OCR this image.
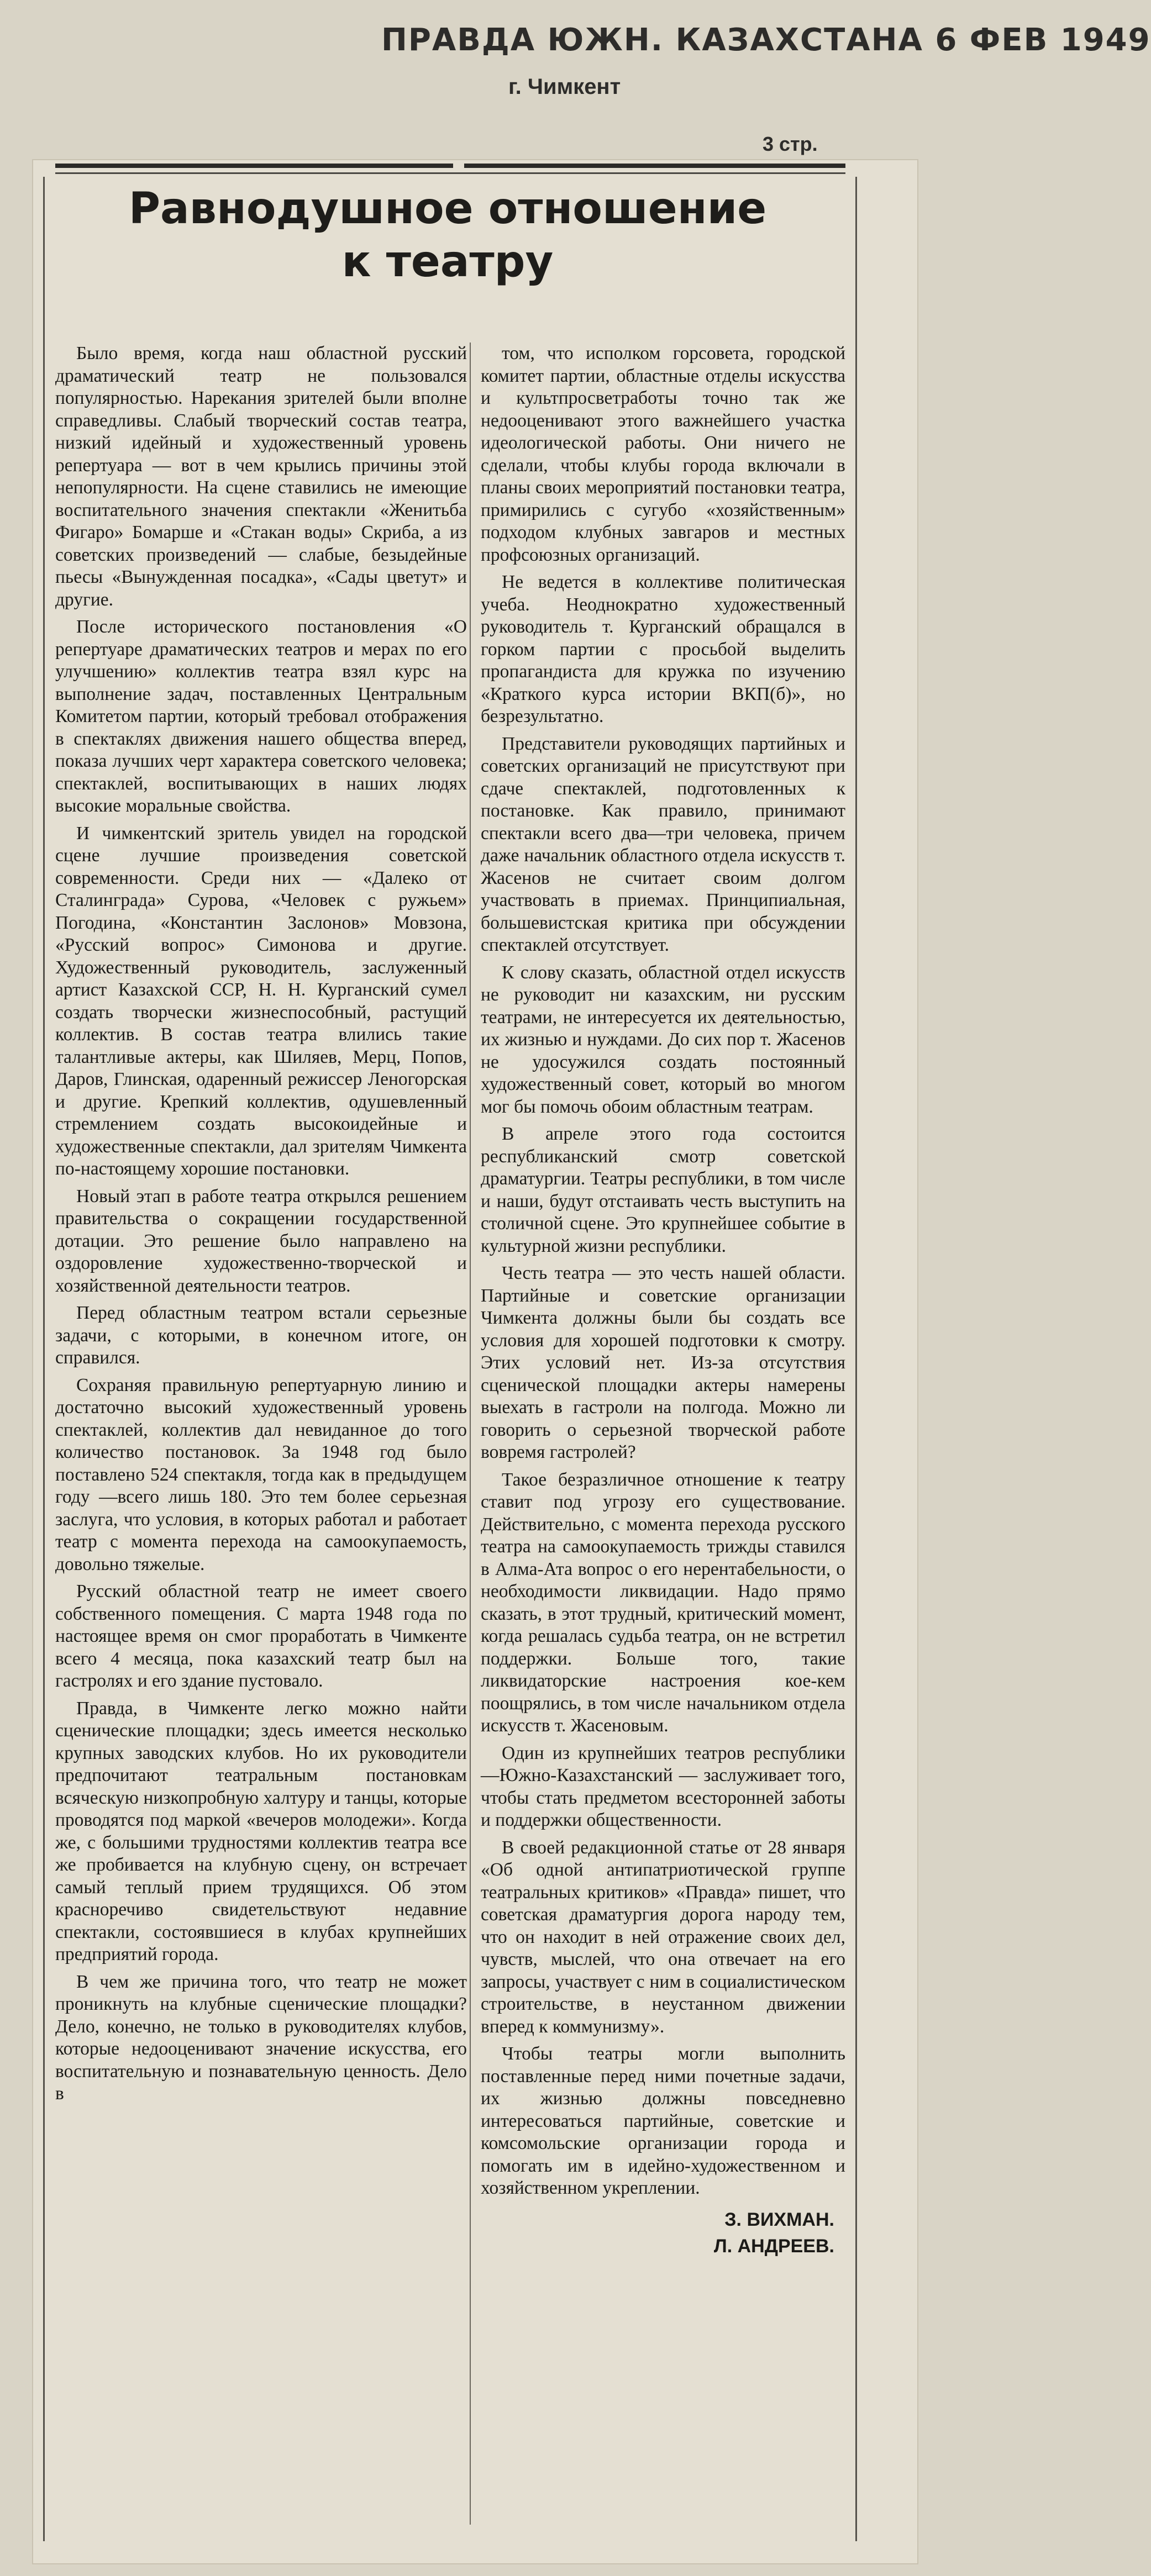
ПРАВДА ЮЖН. КАЗАХСТАНА 6 ФЕВ 1949
г. Чимкент
3 стр.
Равнодушное отношение
к театру

Было время, когда наш областной русский драматический театр не пользовался популярностью. Нарекания зрителей были вполне справедливы. Слабый творческий состав театра, низкий идейный и художественный уровень репертуара — вот в чем крылись причины этой непопулярности. На сцене ставились не имеющие воспитательного значения спектакли «Женитьба Фигаро» Бомарше и «Стакан воды» Скриба, а из советских произведений — слабые, безыдейные пьесы «Вынужденная посадка», «Сады цветут» и другие.

После исторического постановления «О репертуаре драматических театров и мерах по его улучшению» коллектив театра взял курс на выполнение задач, поставленных Центральным Комитетом партии, который требовал отображения в спектаклях движения нашего общества вперед, показа лучших черт характера советского человека; спектаклей, воспитывающих в наших людях высокие моральные свойства.

И чимкентский зритель увидел на городской сцене лучшие произведения советской современности. Среди них — «Далеко от Сталинграда» Сурова, «Человек с ружьем» Погодина, «Константин Заслонов» Мовзона, «Русский вопрос» Симонова и другие. Художественный руководитель, заслуженный артист Казахской ССР, Н. Н. Курганский сумел создать творчески жизнеспособный, растущий коллектив. В состав театра влились такие талантливые актеры, как Шиляев, Мерц, Попов, Даров, Глинская, одаренный режиссер Леногорская и другие. Крепкий коллектив, одушевленный стремлением создать высокоидейные и художественные спектакли, дал зрителям Чимкента по-настоящему хорошие постановки.

Новый этап в работе театра открылся решением правительства о сокращении государственной дотации. Это решение было направлено на оздоровление художественно-творческой и хозяйственной деятельности театров.

Перед областным театром встали серьезные задачи, с которыми, в конечном итоге, он справился.

Сохраняя правильную репертуарную линию и достаточно высокий художественный уровень спектаклей, коллектив дал невиданное до того количество постановок. За 1948 год было поставлено 524 спектакля, тогда как в предыдущем году —всего лишь 180. Это тем более серьезная заслуга, что условия, в которых работал и работает театр с момента перехода на самоокупаемость, довольно тяжелые.

Русский областной театр не имеет своего собственного помещения. С марта 1948 года по настоящее время он смог проработать в Чимкенте всего 4 месяца, пока казахский театр был на гастролях и его здание пустовало.

Правда, в Чимкенте легко можно найти сценические площадки; здесь имеется несколько крупных заводских клубов. Но их руководители предпочитают театральным постановкам всяческую низкопробную халтуру и танцы, которые проводятся под маркой «вечеров молодежи». Когда же, с большими трудностями коллектив театра все же пробивается на клубную сцену, он встречает самый теплый прием трудящихся. Об этом красноречиво свидетельствуют недавние спектакли, состоявшиеся в клубах крупнейших предприятий города.

В чем же причина того, что театр не может проникнуть на клубные сценические площадки? Дело, конечно, не только в руководителях клубов, которые недооценивают значение искусства, его воспитательную и познавательную ценность. Дело в

том, что исполком горсовета, городской комитет партии, областные отделы искусства и культпросветработы точно так же недооценивают этого важнейшего участка идеологической работы. Они ничего не сделали, чтобы клубы города включали в планы своих мероприятий постановки театра, примирились с сугубо «хозяйственным» подходом клубных завгаров и местных профсоюзных организаций.

Не ведется в коллективе политическая учеба. Неоднократно художественный руководитель т. Курганский обращался в горком партии с просьбой выделить пропагандиста для кружка по изучению «Краткого курса истории ВКП(б)», но безрезультатно.

Представители руководящих партийных и советских организаций не присутствуют при сдаче спектаклей, подготовленных к постановке. Как правило, принимают спектакли всего два—три человека, причем даже начальник областного отдела искусств т. Жасенов не считает своим долгом участвовать в приемах. Принципиальная, большевистская критика при обсуждении спектаклей отсутствует.

К слову сказать, областной отдел искусств не руководит ни казахским, ни русским театрами, не интересуется их деятельностью, их жизнью и нуждами. До сих пор т. Жасенов не удосужился создать постоянный художественный совет, который во многом мог бы помочь обоим областным театрам.

В апреле этого года состоится республиканский смотр советской драматургии. Театры республики, в том числе и наши, будут отстаивать честь выступить на столичной сцене. Это крупнейшее событие в культурной жизни республики.

Честь театра — это честь нашей области. Партийные и советские организации Чимкента должны были бы создать все условия для хорошей подготовки к смотру. Этих условий нет. Из-за отсутствия сценической площадки актеры намерены выехать в гастроли на полгода. Можно ли говорить о серьезной творческой работе вовремя гастролей?

Такое безразличное отношение к театру ставит под угрозу его существование. Действительно, с момента перехода русского театра на самоокупаемость трижды ставился в Алма-Ата вопрос о его нерентабельности, о необходимости ликвидации. Надо прямо сказать, в этот трудный, критический момент, когда решалась судьба театра, он не встретил поддержки. Больше того, такие ликвидаторские настроения кое-кем поощрялись, в том числе начальником отдела искусств т. Жасеновым.

Один из крупнейших театров республики—Южно-Казахстанский — заслуживает того, чтобы стать предметом всесторонней заботы и поддержки общественности.

В своей редакционной статье от 28 января «Об одной антипатриотической группе театральных критиков» «Правда» пишет, что советская драматургия дорога народу тем, что он находит в ней отражение своих дел, чувств, мыслей, что она отвечает на его запросы, участвует с ним в социалистическом строительстве, в неустанном движении вперед к коммунизму».

Чтобы театры могли выполнить поставленные перед ними почетные задачи, их жизнью должны повседневно интересоваться партийные, советские и комсомольские организации города и помогать им в идейно-художественном и хозяйственном укреплении.

З. ВИХМАН.
Л. АНДРЕЕВ.
